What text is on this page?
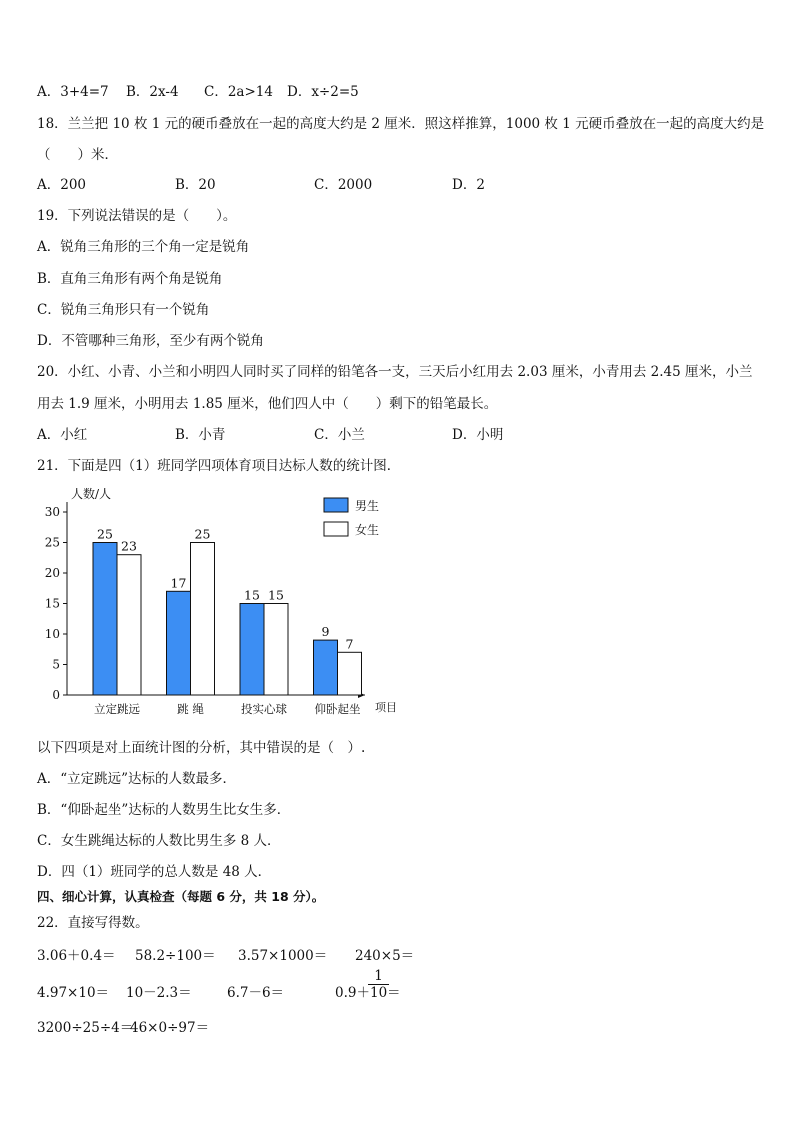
A．3+4=7 B．2x-4 C．2a>14 D．x÷2=5
18．兰兰把 10 枚 1 元的硬币叠放在一起的高度大约是 2 厘米．照这样推算，1000 枚 1 元硬币叠放在一起的高度大约是
（　　）米．
A．200	B．20	C．2000	D．2
19．下列说法错误的是（　　）。
A．锐角三角形的三个角一定是锐角
B．直角三角形有两个角是锐角
C．锐角三角形只有一个锐角
D．不管哪种三角形，至少有两个锐角
20．小红、小青、小兰和小明四人同时买了同样的铅笔各一支，三天后小红用去 2.03 厘米，小青用去 2.45 厘米，小兰
用去 1.9 厘米，小明用去 1.85 厘米，他们四人中（　　）剩下的铅笔最长。
A．小红	B．小青	C．小兰	D．小明
21．下面是四（1）班同学四项体育项目达标人数的统计图．
0
5
10
15
20
25
30
人数/人
项目
25
23
立定跳远
17
25
跳 绳
15 15
投实心球
9
7
仰卧起坐
男生
女生
以下四项是对上面统计图的分析，其中错误的是（　）.
A．“立定跳远”达标的人数最多．
B．“仰卧起坐”达标的人数男生比女生多．
C．女生跳绳达标的人数比男生多 8 人．
D．四（1）班同学的总人数是 48 人．
四、细心计算，认真检查（每题 6 分，共 18 分）。
22．直接写得数。
3.06＋0.4＝ 58.2÷100＝ 3.57×1000＝ 240×5＝
4.97×10＝ 10－2.3＝	6.7－6＝	0.9＋ ＝
$\frac{1}{10}$
3200÷25÷4＝
46×0÷97＝
